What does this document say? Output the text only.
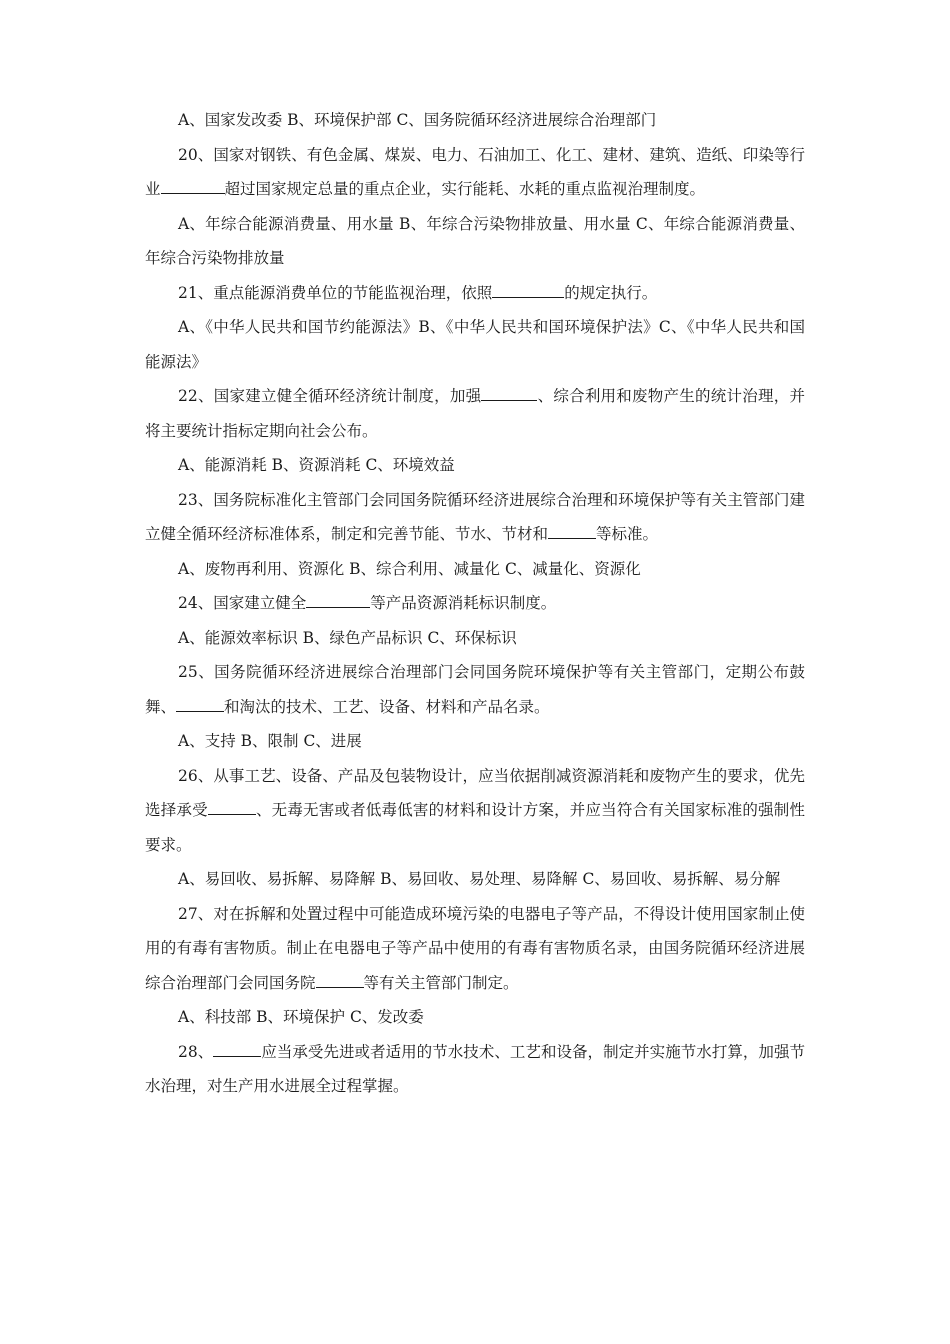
A、国家发改委 B、环境保护部 C、国务院循环经济进展综合治理部门

20、国家对钢铁、有色金属、煤炭、电力、石油加工、化工、建材、建筑、造纸、印染等行业	超过国家规定总量的重点企业，实行能耗、水耗的重点监视治理制度。

A、年综合能源消费量、用水量 B、年综合污染物排放量、用水量 C、年综合能源消费量、年综合污染物排放量

21、重点能源消费单位的节能监视治理，依照	的规定执行。

A、《中华人民共和国节约能源法》B、《中华人民共和国环境保护法》C、《中华人民共和国能源法》

22、国家建立健全循环经济统计制度，加强	、综合利用和废物产生的统计治理，并将主要统计指标定期向社会公布。

A、能源消耗 B、资源消耗 C、环境效益

23、国务院标准化主管部门会同国务院循环经济进展综合治理和环境保护等有关主管部门建立健全循环经济标准体系，制定和完善节能、节水、节材和	等标准。

A、废物再利用、资源化 B、综合利用、减量化 C、减量化、资源化

24、国家建立健全	等产品资源消耗标识制度。

A、能源效率标识 B、绿色产品标识 C、环保标识

25、国务院循环经济进展综合治理部门会同国务院环境保护等有关主管部门，定期公布鼓舞、	和淘汰的技术、工艺、设备、材料和产品名录。

A、支持 B、限制 C、进展

26、从事工艺、设备、产品及包装物设计，应当依据削减资源消耗和废物产生的要求，优先选择承受	、无毒无害或者低毒低害的材料和设计方案，并应当符合有关国家标准的强制性要求。

A、易回收、易拆解、易降解 B、易回收、易处理、易降解 C、易回收、易拆解、易分解

27、对在拆解和处置过程中可能造成环境污染的电器电子等产品，不得设计使用国家制止使用的有毒有害物质。制止在电器电子等产品中使用的有毒有害物质名录，由国务院循环经济进展综合治理部门会同国务院	等有关主管部门制定。

A、科技部 B、环境保护 C、发改委

28、	应当承受先进或者适用的节水技术、工艺和设备，制定并实施节水打算，加强节水治理，对生产用水进展全过程掌握。
